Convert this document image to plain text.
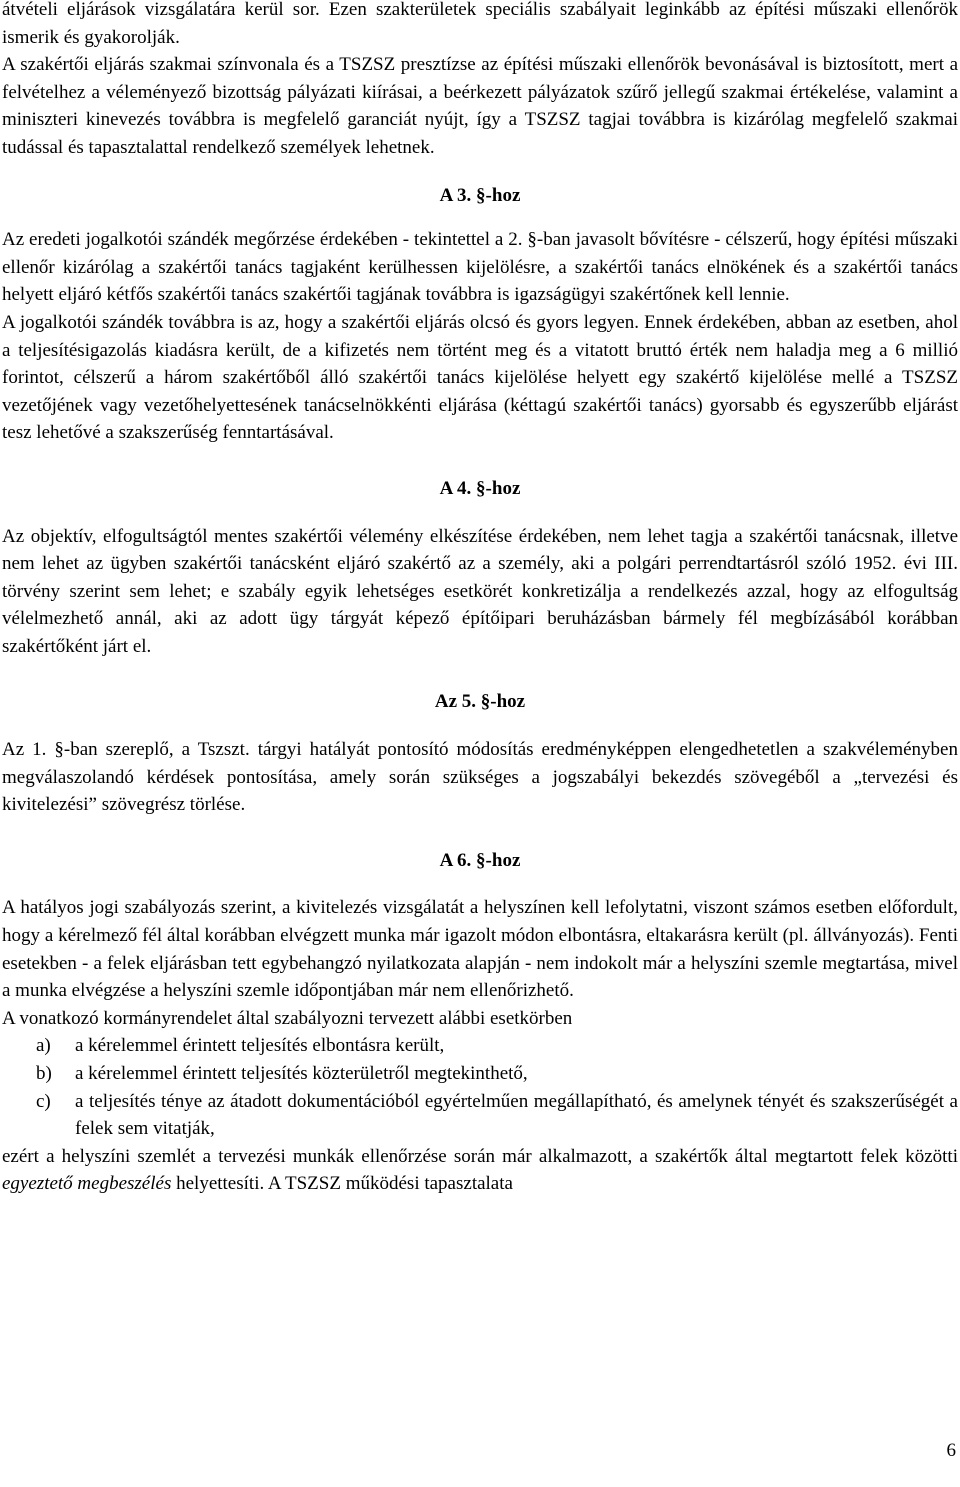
átvételi eljárások vizsgálatára kerül sor. Ezen szakterületek speciális szabályait leginkább az építési műszaki ellenőrök ismerik és gyakorolják.

A szakértői eljárás szakmai színvonala és a TSZSZ presztízse az építési műszaki ellenőrök bevonásával is biztosított, mert a felvételhez a véleményező bizottság pályázati kiírásai, a beérkezett pályázatok szűrő jellegű szakmai értékelése, valamint a miniszteri kinevezés továbbra is megfelelő garanciát nyújt, így a TSZSZ tagjai továbbra is kizárólag megfelelő szakmai tudással és tapasztalattal rendelkező személyek lehetnek.

A 3. §-hoz

Az eredeti jogalkotói szándék megőrzése érdekében - tekintettel a 2. §-ban javasolt bővítésre - célszerű, hogy építési műszaki ellenőr kizárólag a szakértői tanács tagjaként kerülhessen kijelölésre, a szakértői tanács elnökének és a szakértői tanács helyett eljáró kétfős szakértői tanács szakértői tagjának továbbra is igazságügyi szakértőnek kell lennie.

A jogalkotói szándék továbbra is az, hogy a szakértői eljárás olcsó és gyors legyen. Ennek érdekében, abban az esetben, ahol a teljesítésigazolás kiadásra került, de a kifizetés nem történt meg és a vitatott bruttó érték nem haladja meg a 6 millió forintot, célszerű a három szakértőből álló szakértői tanács kijelölése helyett egy szakértő kijelölése mellé a TSZSZ vezetőjének vagy vezetőhelyettesének tanácselnökkénti eljárása (kéttagú szakértői tanács) gyorsabb és egyszerűbb eljárást tesz lehetővé a szakszerűség fenntartásával.

A 4. §-hoz

Az objektív, elfogultságtól mentes szakértői vélemény elkészítése érdekében, nem lehet tagja a szakértői tanácsnak, illetve nem lehet az ügyben szakértői tanácsként eljáró szakértő az a személy, aki a polgári perrendtartásról szóló 1952. évi III. törvény szerint sem lehet; e szabály egyik lehetséges esetkörét konkretizálja a rendelkezés azzal, hogy az elfogultság vélelmezhető annál, aki az adott ügy tárgyát képező építőipari beruházásban bármely fél megbízásából korábban szakértőként járt el.

Az 5. §-hoz

Az 1. §-ban szereplő, a Tszszt. tárgyi hatályát pontosító módosítás eredményképpen elengedhetetlen a szakvéleményben megválaszolandó kérdések pontosítása, amely során szükséges a jogszabályi bekezdés szövegéből a „tervezési és kivitelezési” szövegrész törlése.

A 6. §-hoz

A hatályos jogi szabályozás szerint, a kivitelezés vizsgálatát a helyszínen kell lefolytatni, viszont számos esetben előfordult, hogy a kérelmező fél által korábban elvégzett munka már igazolt módon elbontásra, eltakarásra került (pl. állványozás). Fenti esetekben - a felek eljárásban tett egybehangzó nyilatkozata alapján - nem indokolt már a helyszíni szemle megtartása, mivel a munka elvégzése a helyszíni szemle időpontjában már nem ellenőrizhető.

A vonatkozó kormányrendelet által szabályozni tervezett alábbi esetkörben

a)	a kérelemmel érintett teljesítés elbontásra került,
b)	a kérelemmel érintett teljesítés közterületről megtekinthető,
c)	a teljesítés ténye az átadott dokumentációból egyértelműen megállapítható, és amelynek tényét és szakszerűségét a felek sem vitatják,

ezért a helyszíni szemlét a tervezési munkák ellenőrzése során már alkalmazott, a szakértők által megtartott felek közötti egyeztető megbeszélés helyettesíti. A TSZSZ működési tapasztalata

6
